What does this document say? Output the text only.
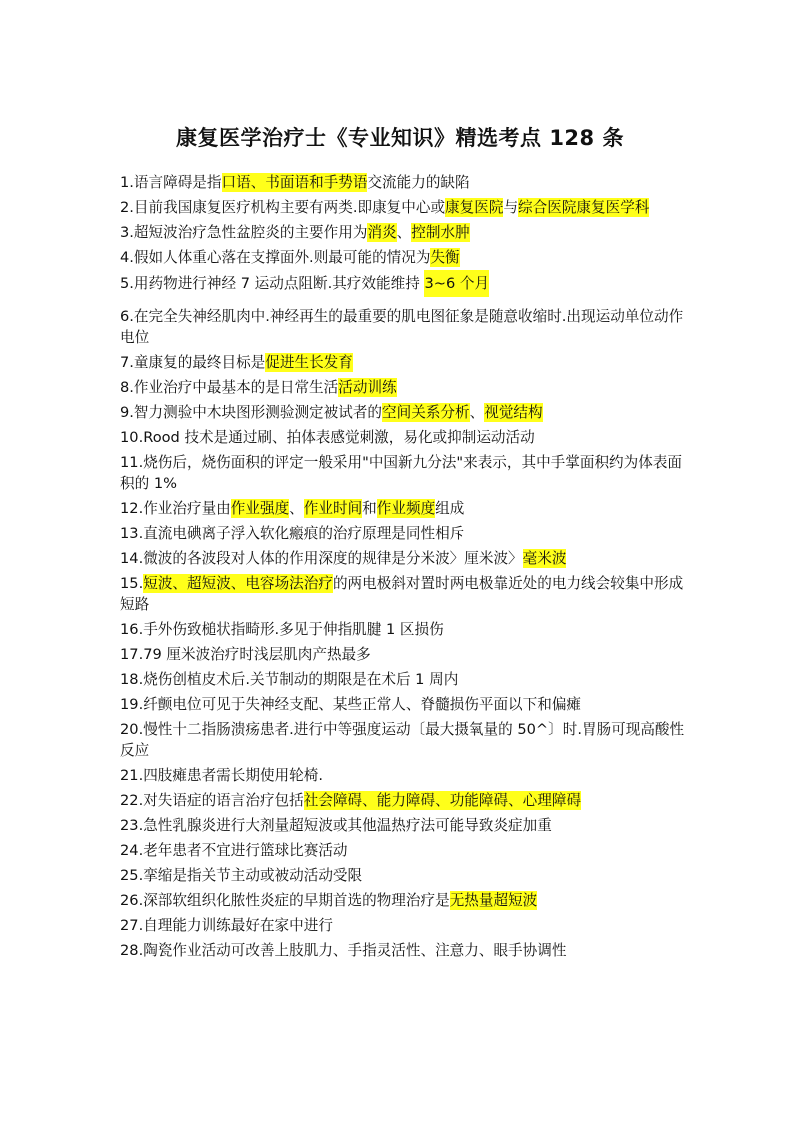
康复医学治疗士《专业知识》精选考点 128 条
1.语言障碍是指口语、书面语和手势语交流能力的缺陷
2.目前我国康复医疗机构主要有两类.即康复中心或康复医院与综合医院康复医学科
3.超短波治疗急性盆腔炎的主要作用为消炎、控制水肿
4.假如人体重心落在支撑面外.则最可能的情况为失衡
5.用药物进行神经 7 运动点阻断.其疗效能维持 3~6 个月
6.在完全失神经肌肉中.神经再生的最重要的肌电图征象是随意收缩时.出现运动单位动作电位
7.童康复的最终目标是促进生长发育
8.作业治疗中最基本的是日常生活活动训练
9.智力测验中木块图形测验测定被试者的空间关系分析、视觉结构
10.Rood 技术是通过刷、拍体表感觉刺激，易化或抑制运动活动
11.烧伤后，烧伤面积的评定一般采用"中国新九分法"来表示，其中手掌面积约为体表面积的 1%
12.作业治疗量由作业强度、作业时间和作业频度组成
13.直流电碘离子浮入软化瘢痕的治疗原理是同性相斥
14.微波的各波段对人体的作用深度的规律是分米波〉厘米波〉毫米波
15.短波、超短波、电容场法治疗的两电极斜对置时两电极靠近处的电力线会较集中形成短路
16.手外伤致槌状指畸形.多见于伸指肌腱 1 区损伤
17.79 厘米波治疗时浅层肌肉产热最多
18.烧伤创植皮术后.关节制动的期限是在术后 1 周内
19.纤颤电位可见于失神经支配、某些正常人、脊髓损伤平面以下和偏瘫
20.慢性十二指肠溃疡患者.进行中等强度运动〔最大摄氧量的 50^〕时.胃肠可现高酸性反应
21.四肢瘫患者需长期使用轮椅.
22.对失语症的语言治疗包括社会障碍、能力障碍、功能障碍、心理障碍
23.急性乳腺炎进行大剂量超短波或其他温热疗法可能导致炎症加重
24.老年患者不宜进行篮球比赛活动
25.挛缩是指关节主动或被动活动受限
26.深部软组织化脓性炎症的早期首选的物理治疗是无热量超短波
27.自理能力训练最好在家中进行
28.陶瓷作业活动可改善上肢肌力、手指灵活性、注意力、眼手协调性
